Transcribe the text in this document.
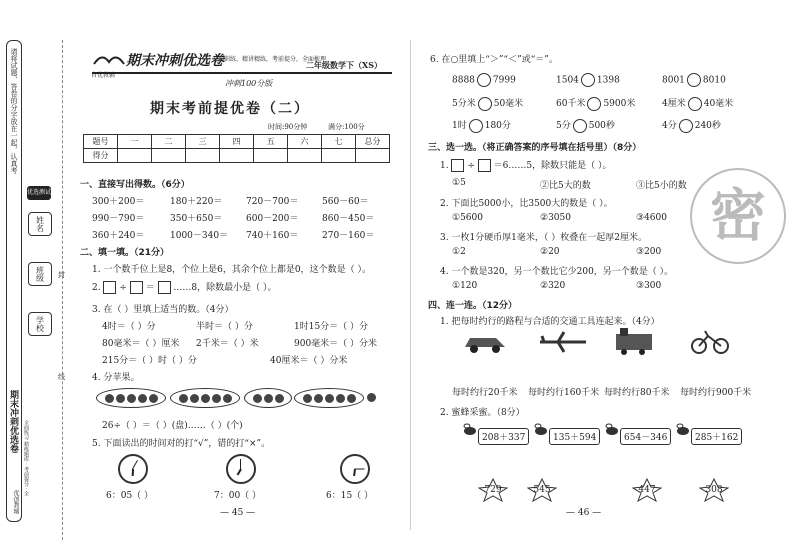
请将试题、答卷的分字放在一起，认真考
优选测试
姓名
班级
学校
封
线
期末冲刺优选卷	全面练习 精练题库 · 考前提分 · 全
优创教辅
期末冲刺优选卷
自优教辅
专项训练，精讲精练，考前提分，全面梳理
冲刺100分版
二年级数学下（XS）
期末考前提优卷（二）
时间:90分钟	满分:100分
题号	一	二	三	四	五	六	七	总分
得分								
一、直接写出得数。（6分）
300＋200＝	180＋220＝	720－700＝	560－60＝
990－790＝	350＋650＝	600－200＝	860－450＝
360＋240＝	1000－340＝ 740＋160＝	270－160＝
二、填一填。（21分）
1. 一个数千位上是8，个位上是6，其余个位上都是0，这个数是（ ）。
2. ÷ ＝ ……8，除数最小是（ ）。
3. 在（ ）里填上适当的数。（4分）
4时＝（ ）分	半时＝（ ）分	1时15分＝（ ）分
80毫米＝（ ）厘米 2千米＝（ ）米	900毫米＝（ ）分米
215分＝（ ）时（ ）分	40厘米＝（ ）分米
4. 分苹果。
26÷（ ）＝（ ）(盘)……（ ）(个)
5. 下面读出的时间对的打“√”，错的打“×”。
6：05（ ）	7：00（ ）	6：15（ ）
— 45 —
6. 在○里填上“＞”“＜”或“＝”。
8888 7999	1504 1398	8001 8010
5分米 50毫米	60千米 5900米	4厘米 40毫米
1时 180分	5分 500秒	4分 240秒
三、选一选。（将正确答案的序号填在括号里）（8分）
1. ÷ ＝6……5，除数只能是（ ）。
①5	②比5大的数	③比5小的数
2. 下面比5000小，比3500大的数是（ ）。
①5600	②3050	③4600
3. 一枚1分硬币厚1毫米，（ ）枚叠在一起厚2厘米。
①2	②20	③200
4. 一个数是320，另一个数比它少200，另一个数是（ ）。
①120	②320	③300
密
四、连一连。（12分）
1. 把每时约行的路程与合适的交通工具连起来。（4分）
每时约行20千米 每时约行160千米 每时约行80千米 每时约行900千米
2. 蜜蜂采蜜。（8分）
208＋337	135＋594	654－346	285＋162
729	545	447	308
— 46 —
